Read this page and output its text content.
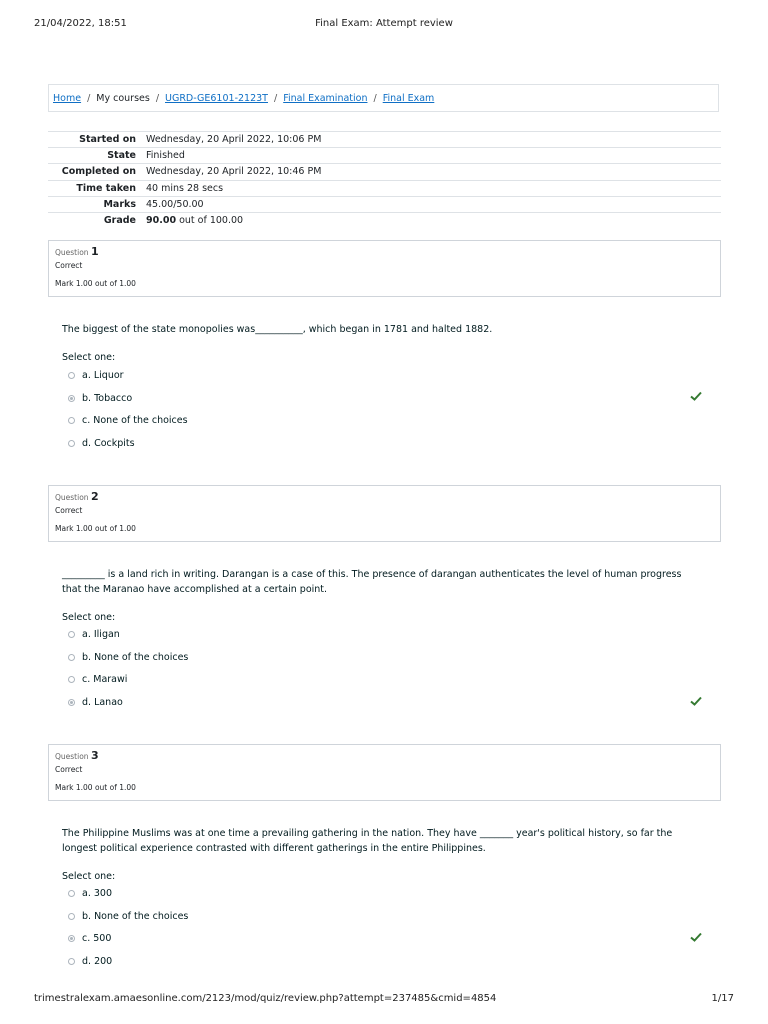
21/04/2022, 18:51	Final Exam: Attempt review
Home / My courses / UGRD-GE6101-2123T / Final Examination / Final Exam
Started on	Wednesday, 20 April 2022, 10:06 PM
State	Finished
Completed on	Wednesday, 20 April 2022, 10:46 PM
Time taken	40 mins 28 secs
Marks	45.00/50.00
Grade	90.00 out of 100.00
Question 1
Correct
Mark 1.00 out of 1.00
The biggest of the state monopolies was__________, which began in 1781 and halted 1882.
Select one:
a. Liquor
b. Tobacco
c. None of the choices
d. Cockpits
Question 2
Correct
Mark 1.00 out of 1.00
_________ is a land rich in writing. Darangan is a case of this. The presence of darangan authenticates the level of human progress that the Maranao have accomplished at a certain point.
Select one:
a. Iligan
b. None of the choices
c. Marawi
d. Lanao
Question 3
Correct
Mark 1.00 out of 1.00
The Philippine Muslims was at one time a prevailing gathering in the nation. They have _______ year's political history, so far the longest political experience contrasted with different gatherings in the entire Philippines.
Select one:
a. 300
b. None of the choices
c. 500
d. 200
trimestralexam.amaesonline.com/2123/mod/quiz/review.php?attempt=237485&cmid=4854	1/17
